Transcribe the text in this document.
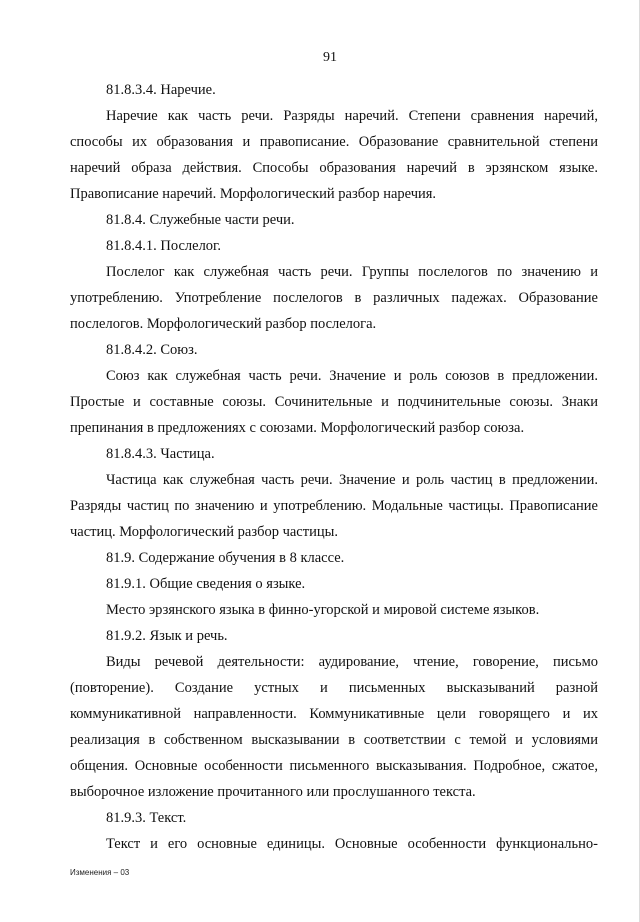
91

81.8.3.4. Наречие.

Наречие как часть речи. Разряды наречий. Степени сравнения наречий, способы их образования и правописание. Образование сравнительной степени наречий образа действия. Способы образования наречий в эрзянском языке. Правописание наречий. Морфологический разбор наречия.

81.8.4. Служебные части речи.

81.8.4.1. Послелог.

Послелог как служебная часть речи. Группы послелогов по значению и употреблению. Употребление послелогов в различных падежах. Образование послелогов. Морфологический разбор послелога.

81.8.4.2. Союз.

Союз как служебная часть речи. Значение и роль союзов в предложении. Простые и составные союзы. Сочинительные и подчинительные союзы. Знаки препинания в предложениях с союзами. Морфологический разбор союза.

81.8.4.3. Частица.

Частица как служебная часть речи. Значение и роль частиц в предложении. Разряды частиц по значению и употреблению. Модальные частицы. Правописание частиц. Морфологический разбор частицы.

81.9. Содержание обучения в 8 классе.

81.9.1. Общие сведения о языке.

Место эрзянского языка в финно-угорской и мировой системе языков.

81.9.2. Язык и речь.

Виды речевой деятельности: аудирование, чтение, говорение, письмо (повторение). Создание устных и письменных высказываний разной коммуникативной направленности. Коммуникативные цели говорящего и их реализация в собственном высказывании в соответствии с темой и условиями общения. Основные особенности письменного высказывания. Подробное, сжатое, выборочное изложение прочитанного или прослушанного текста.

81.9.3. Текст.

Текст и его основные единицы. Основные особенности функционально-

Изменения – 03
